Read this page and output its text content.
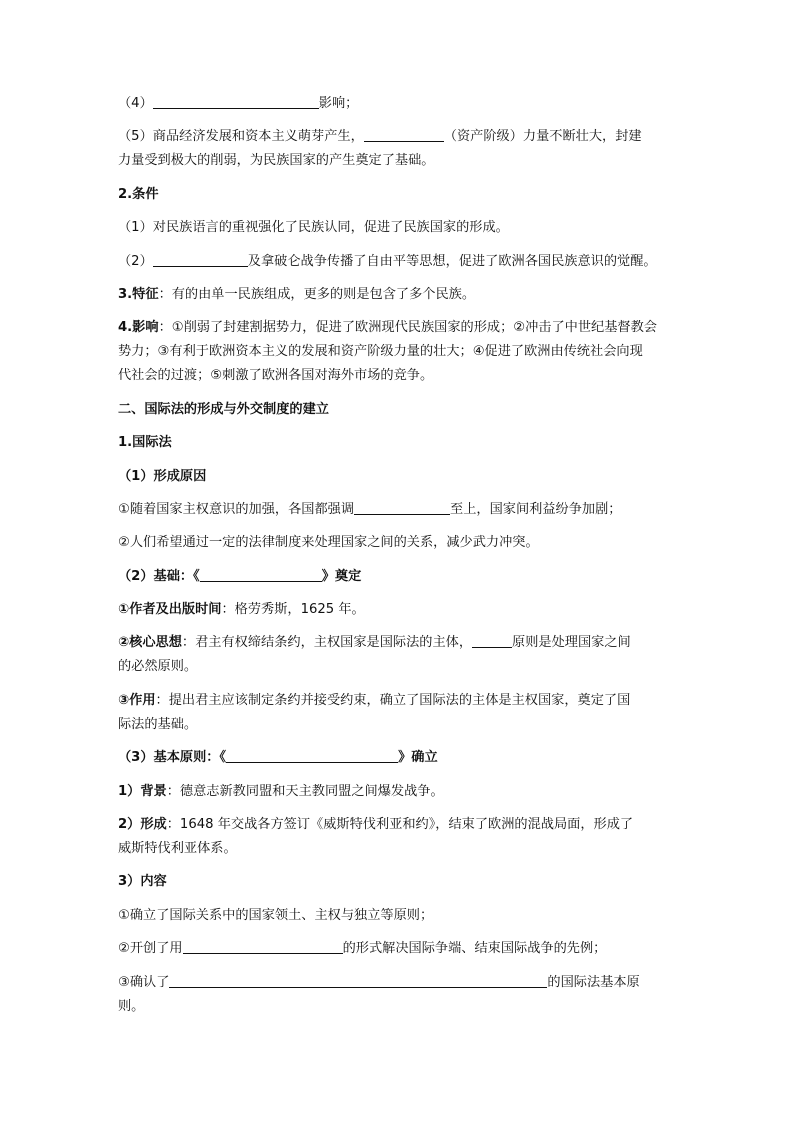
（4）	影响；

（5）商品经济发展和资本主义萌芽产生，	（资产阶级）力量不断壮大，封建
力量受到极大的削弱，为民族国家的产生奠定了基础。

2.条件

（1）对民族语言的重视强化了民族认同，促进了民族国家的形成。

（2）	及拿破仑战争传播了自由平等思想，促进了欧洲各国民族意识的觉醒。

3.特征：有的由单一民族组成，更多的则是包含了多个民族。

4.影响：①削弱了封建割据势力，促进了欧洲现代民族国家的形成；②冲击了中世纪基督教会
势力；③有利于欧洲资本主义的发展和资产阶级力量的壮大；④促进了欧洲由传统社会向现
代社会的过渡；⑤刺激了欧洲各国对海外市场的竞争。

二、国际法的形成与外交制度的建立

1.国际法

（1）形成原因

①随着国家主权意识的加强，各国都强调	至上，国家间利益纷争加剧；

②人们希望通过一定的法律制度来处理国家之间的关系，减少武力冲突。

（2）基础：《	》奠定

①作者及出版时间：格劳秀斯，1625 年。

②核心思想：君主有权缔结条约，主权国家是国际法的主体，	原则是处理国家之间
的必然原则。

③作用：提出君主应该制定条约并接受约束，确立了国际法的主体是主权国家，奠定了国
际法的基础。

（3）基本原则：《	》确立

1）背景：德意志新教同盟和天主教同盟之间爆发战争。

2）形成：1648 年交战各方签订《威斯特伐利亚和约》，结束了欧洲的混战局面，形成了
威斯特伐利亚体系。

3）内容

①确立了国际关系中的国家领土、主权与独立等原则；

②开创了用	的形式解决国际争端、结束国际战争的先例；

③确认了	的国际法基本原
则。
